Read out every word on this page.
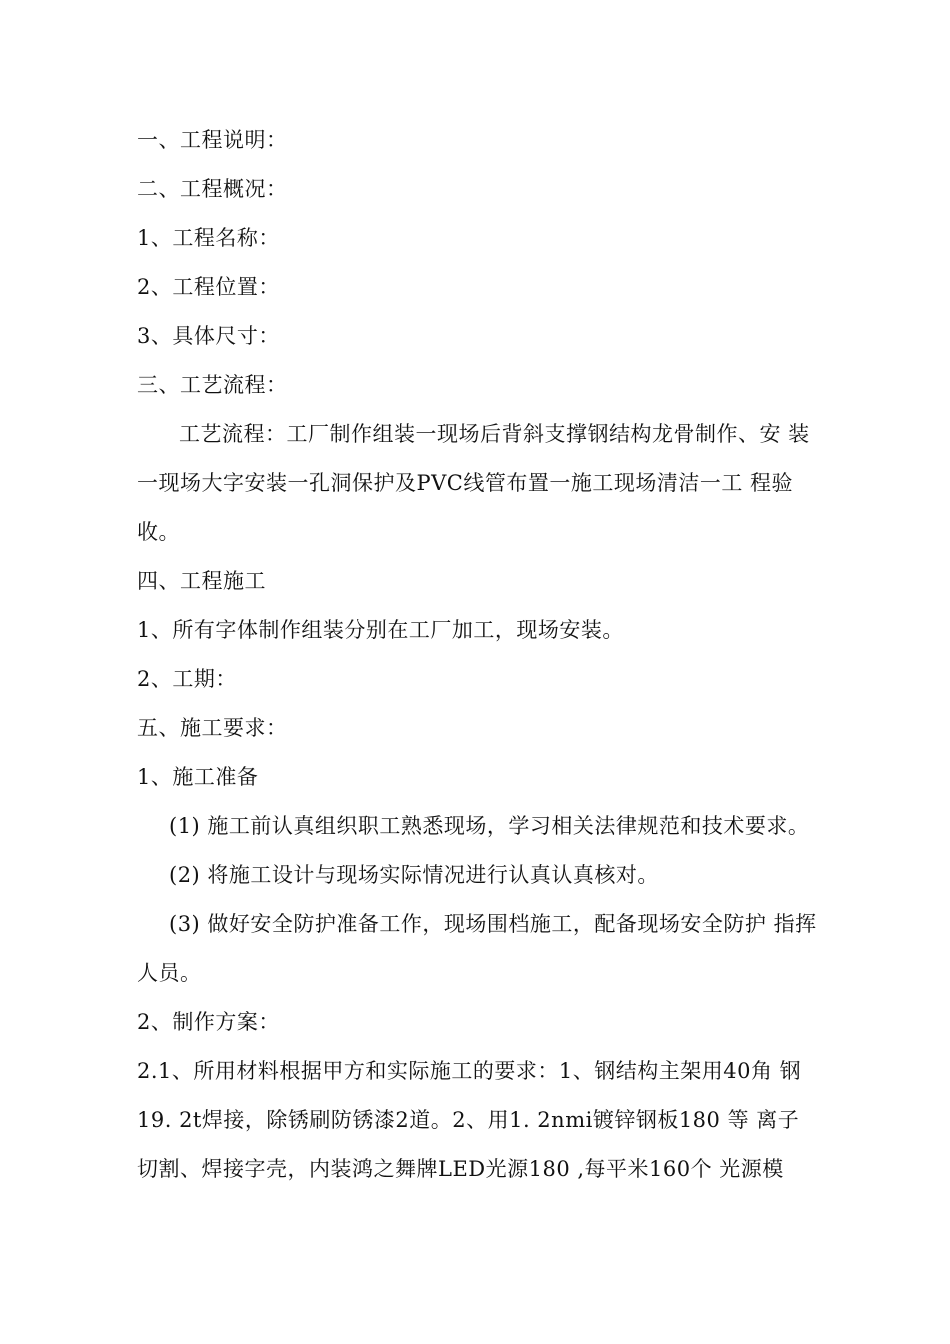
一、工程说明：
二、工程概况：
1、工程名称：
2、工程位置：
3、具体尺寸：
三、工艺流程：
工艺流程：工厂制作组装一现场后背斜支撑钢结构龙骨制作、安 装
一现场大字安装一孔洞保护及PVC线管布置一施工现场清洁一工 程验
收。
四、工程施工
1、所有字体制作组装分别在工厂加工，现场安装。
2、工期：
五、施工要求：
1、施工准备
(1) 施工前认真组织职工熟悉现场，学习相关法律规范和技术要求。
(2) 将施工设计与现场实际情况进行认真认真核对。
(3) 做好安全防护准备工作，现场围档施工，配备现场安全防护 指挥
人员。
2、制作方案：
2.1、所用材料根据甲方和实际施工的要求：1、钢结构主架用40角 钢
19. 2t焊接，除锈刷防锈漆2道。2、用1. 2nmi镀锌钢板180 等 离子
切割、焊接字壳，内装鸿之舞牌LED光源180 ,每平米160个 光源模
